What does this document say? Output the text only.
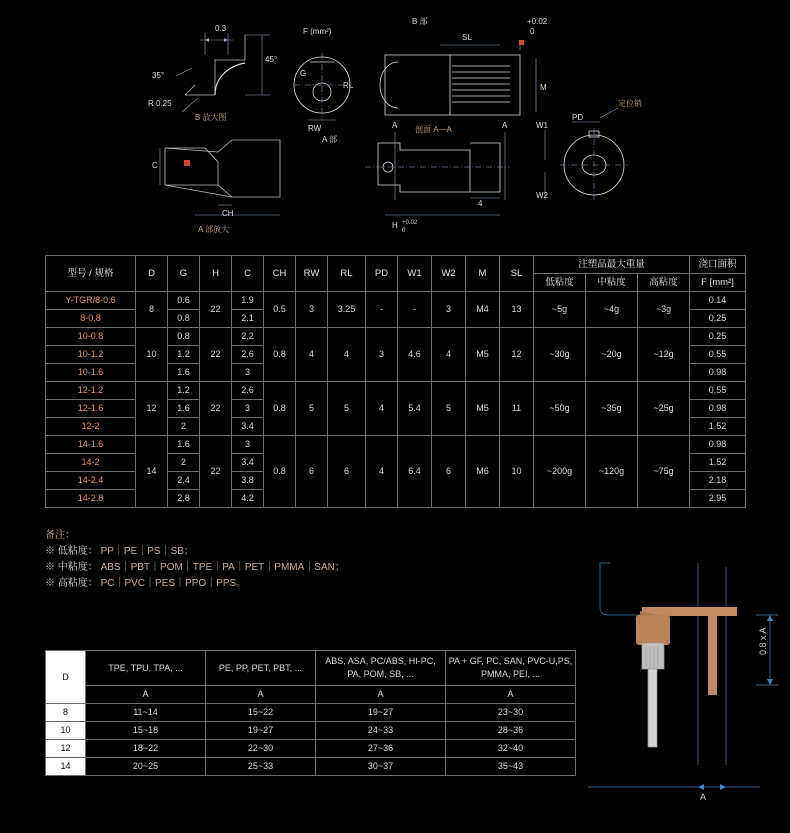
0.3
35°
45°
R 0.25
B 放大图
C
CH
A 部放大
F (mm²)
RL
RW
B 部
SL
+0.02
0
M
剖面 A—A
A 部
A	A
H +0.02
0
4
定位销
PD
W1
W2
G
型号 / 规格	D	G	H	C	CH	RW	RL	PD	W1	W2	M	SL	注塑品最大重量			浇口面积
													低粘度	中粘度	高粘度	F [mm²]
Y-TGR/8-0.6	8	0.6	22	1.9	0.5	3	3.25	-	-	3	M4	13	~5g	~4g	~3g	0.14
8-0.8		0.8		2.1												0.25
10-0.8	10	0.8	22	2.2	0.8	4	4	3	4.6	4	M5	12	~30g	~20g	~12g	0.25
10-1.2		1.2		2.6												0.55
10-1.6		1.6		3												0.98
12-1.2	12	1.2	22	2.6	0.8	5	5	4	5.4	5	M5	11	~50g	~35g	~25g	0.55
12-1.6		1.6		3												0.98
12-2		2		3.4												1.52
14-1.6	14	1.6	22	3	0.8	6	6	4	6.4	6	M6	10	~200g	~120g	~75g	0.98
14-2		2		3.4												1.52
14-2.4		2.4		3.8												2.18
14-2.8		2.8		4.2												2.95
备注：
※ 低粘度： PP｜PE｜PS｜SB；
※ 中粘度： ABS｜PBT｜POM｜TPE｜PA｜PET｜PMMA｜SAN；
※ 高粘度： PC｜PVC｜PES｜PPO｜PPS。
D	TPE, TPU, TPA, ...	PE, PP, PET, PBT, ...	ABS, ASA, PC/ABS, HI-PC, PA, POM, SB, ...	PA + GF, PC, SAN, PVC-U,PS, PMMA, PEI, ...
	A	A	A	A
8	11~14	15~22	19~27	23~30
10	15~18	19~27	24~33	28~36
12	18~22	22~30	27~36	32~40
14	20~25	25~33	30~37	35~43
A
0.8 x A
